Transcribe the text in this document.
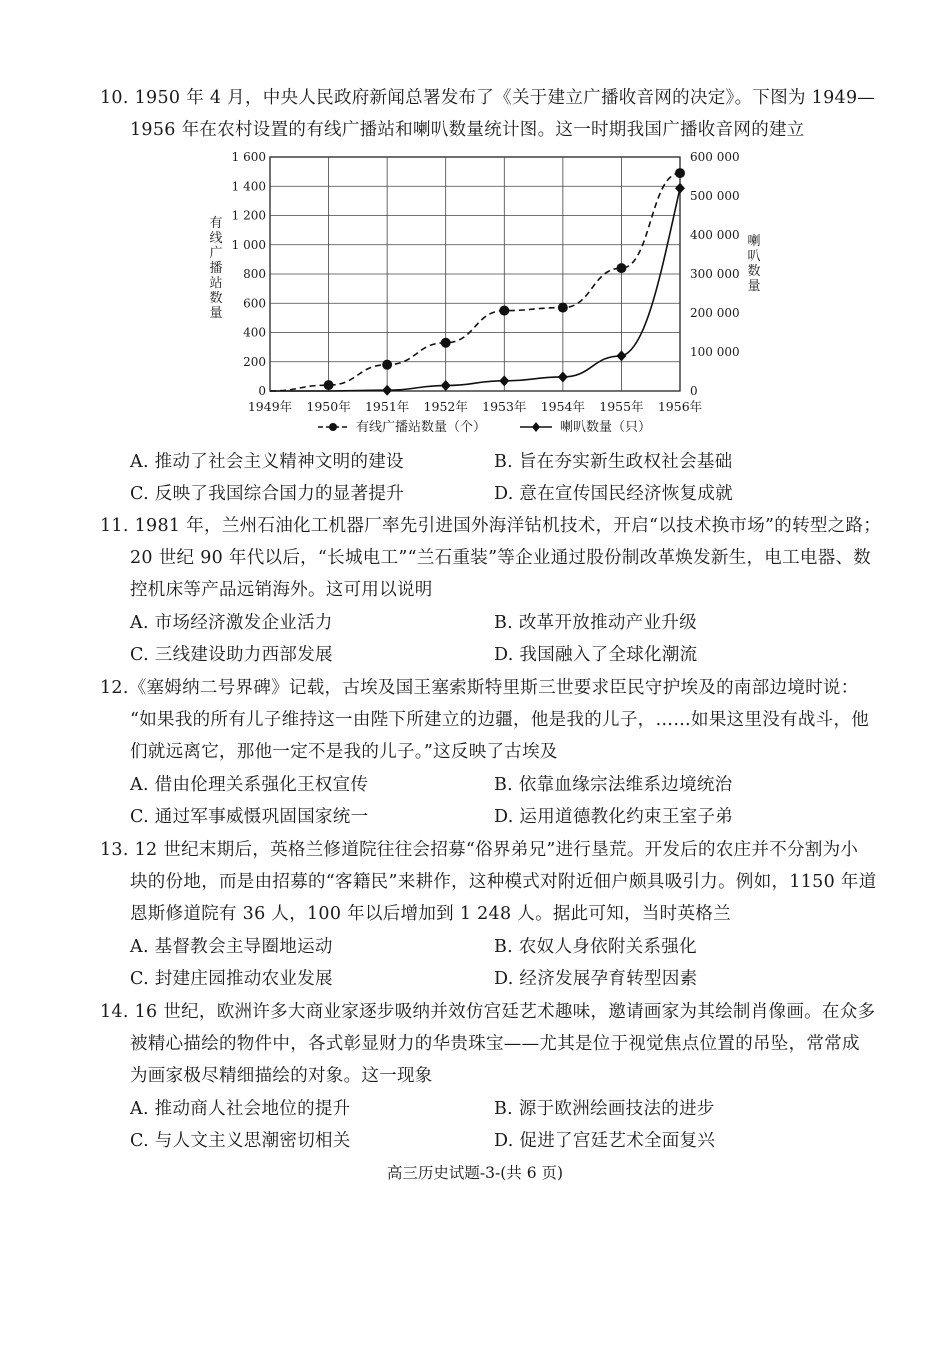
10. 1950 年 4 月，中央人民政府新闻总署发布了《关于建立广播收音网的决定》。下图为 1949—
1956 年在农村设置的有线广播站和喇叭数量统计图。这一时期我国广播收音网的建立
0
200
400
600
800
1 000
1 200
1 400
1 600
0
100 000
200 000
300 000
400 000
500 000
600 000
1949年 1950年 1951年 1952年 1953年 1954年 1955年 1956年
有
线
广
播
站
数
量
喇
叭
数
量
有线广播站数量（个）	喇叭数量（只）
A. 推动了社会主义精神文明的建设	B. 旨在夯实新生政权社会基础
C. 反映了我国综合国力的显著提升	D. 意在宣传国民经济恢复成就
11. 1981 年，兰州石油化工机器厂率先引进国外海洋钻机技术，开启“以技术换市场”的转型之路；
20 世纪 90 年代以后，“长城电工”“兰石重装”等企业通过股份制改革焕发新生，电工电器、数
控机床等产品远销海外。这可用以说明
A. 市场经济激发企业活力	B. 改革开放推动产业升级
C. 三线建设助力西部发展	D. 我国融入了全球化潮流
12.《塞姆纳二号界碑》记载，古埃及国王塞索斯特里斯三世要求臣民守护埃及的南部边境时说：
“如果我的所有儿子维持这一由陛下所建立的边疆，他是我的儿子，……如果这里没有战斗，他
们就远离它，那他一定不是我的儿子。”这反映了古埃及
A. 借由伦理关系强化王权宣传	B. 依靠血缘宗法维系边境统治
C. 通过军事威慑巩固国家统一	D. 运用道德教化约束王室子弟
13. 12 世纪末期后，英格兰修道院往往会招募“俗界弟兄”进行垦荒。开发后的农庄并不分割为小
块的份地，而是由招募的“客籍民”来耕作，这种模式对附近佃户颇具吸引力。例如，1150 年道
恩斯修道院有 36 人，100 年以后增加到 1 248 人。据此可知，当时英格兰
A. 基督教会主导圈地运动	B. 农奴人身依附关系强化
C. 封建庄园推动农业发展	D. 经济发展孕育转型因素
14. 16 世纪，欧洲许多大商业家逐步吸纳并效仿宫廷艺术趣味，邀请画家为其绘制肖像画。在众多
被精心描绘的物件中，各式彰显财力的华贵珠宝——尤其是位于视觉焦点位置的吊坠，常常成
为画家极尽精细描绘的对象。这一现象
A. 推动商人社会地位的提升	B. 源于欧洲绘画技法的进步
C. 与人文主义思潮密切相关	D. 促进了宫廷艺术全面复兴
高三历史试题-3-(共 6 页)
